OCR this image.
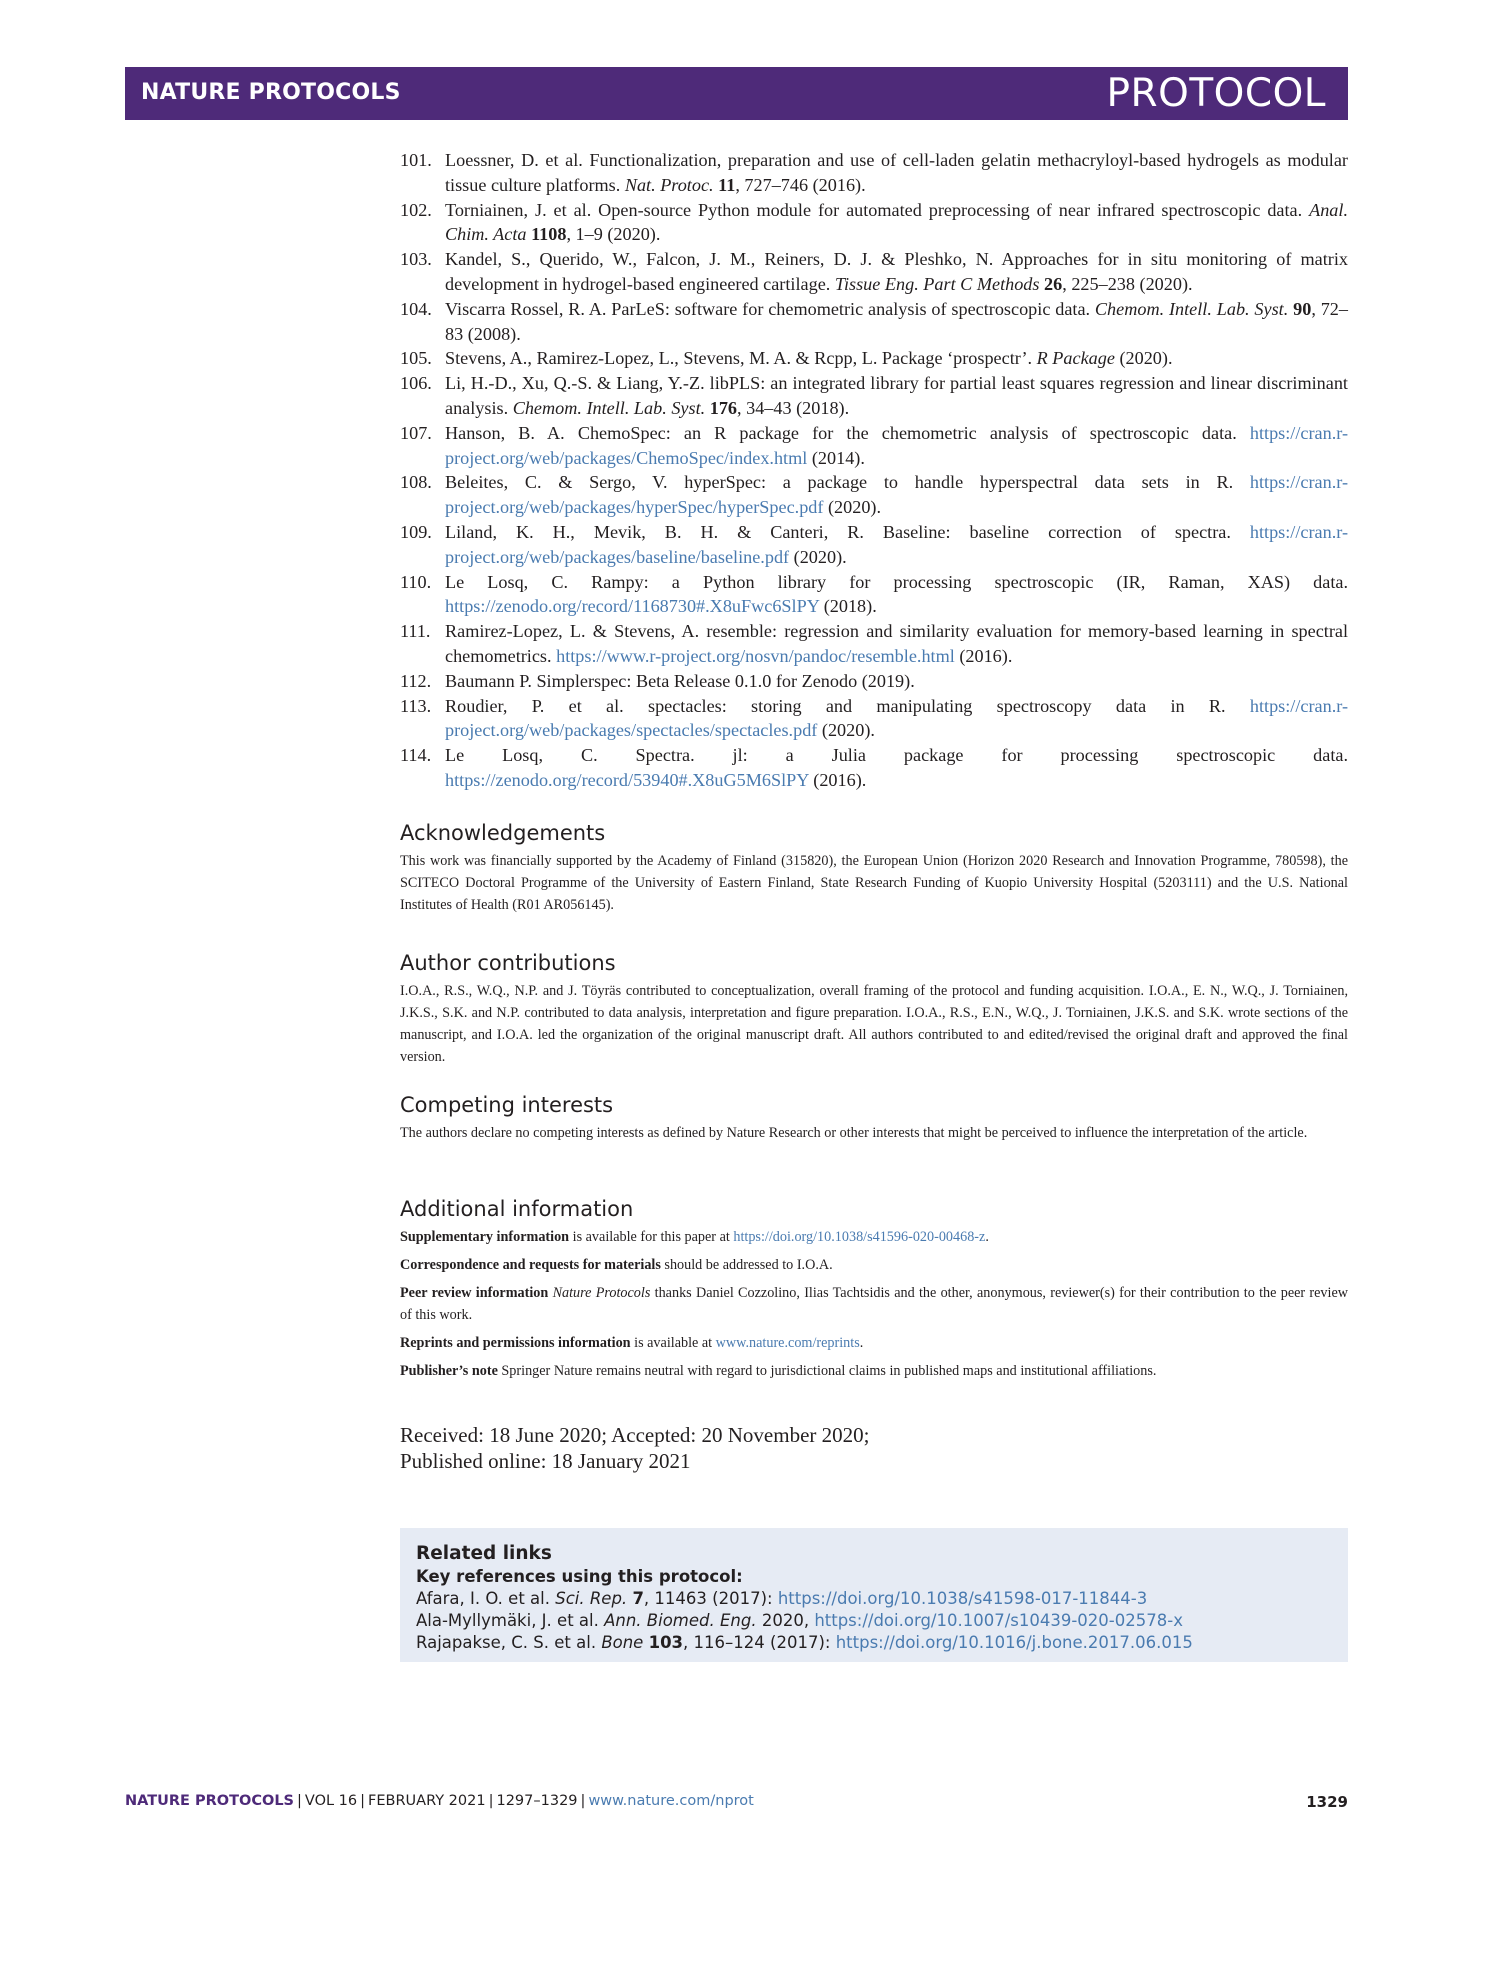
NATURE PROTOCOLS	PROTOCOL
101. Loessner, D. et al. Functionalization, preparation and use of cell-laden gelatin methacryloyl-based hydrogels as modular tissue culture platforms. Nat. Protoc. 11, 727–746 (2016).
102. Torniainen, J. et al. Open-source Python module for automated preprocessing of near infrared spectroscopic data. Anal. Chim. Acta 1108, 1–9 (2020).
103. Kandel, S., Querido, W., Falcon, J. M., Reiners, D. J. & Pleshko, N. Approaches for in situ monitoring of matrix development in hydrogel-based engineered cartilage. Tissue Eng. Part C Methods 26, 225–238 (2020).
104. Viscarra Rossel, R. A. ParLeS: software for chemometric analysis of spectroscopic data. Chemom. Intell. Lab. Syst. 90, 72–83 (2008).
105. Stevens, A., Ramirez-Lopez, L., Stevens, M. A. & Rcpp, L. Package ‘prospectr’. R Package (2020).
106. Li, H.-D., Xu, Q.-S. & Liang, Y.-Z. libPLS: an integrated library for partial least squares regression and linear discriminant analysis. Chemom. Intell. Lab. Syst. 176, 34–43 (2018).
107. Hanson, B. A. ChemoSpec: an R package for the chemometric analysis of spectroscopic data. https://cran.r-project.org/web/packages/ChemoSpec/index.html (2014).
108. Beleites, C. & Sergo, V. hyperSpec: a package to handle hyperspectral data sets in R. https://cran.r-project.org/web/packages/hyperSpec/hyperSpec.pdf (2020).
109. Liland, K. H., Mevik, B. H. & Canteri, R. Baseline: baseline correction of spectra. https://cran.r-project.org/web/packages/baseline/baseline.pdf (2020).
110. Le Losq, C. Rampy: a Python library for processing spectroscopic (IR, Raman, XAS) data. https://zenodo.org/record/1168730#.X8uFwc6SlPY (2018).
111. Ramirez-Lopez, L. & Stevens, A. resemble: regression and similarity evaluation for memory-based learning in spectral chemometrics. https://www.r-project.org/nosvn/pandoc/resemble.html (2016).
112. Baumann P. Simplerspec: Beta Release 0.1.0 for Zenodo (2019).
113. Roudier, P. et al. spectacles: storing and manipulating spectroscopy data in R. https://cran.r-project.org/web/packages/spectacles/spectacles.pdf (2020).
114. Le Losq, C. Spectra. jl: a Julia package for processing spectroscopic data. https://zenodo.org/record/53940#.X8uG5M6SlPY (2016).
Acknowledgements
This work was financially supported by the Academy of Finland (315820), the European Union (Horizon 2020 Research and Innovation Programme, 780598), the SCITECO Doctoral Programme of the University of Eastern Finland, State Research Funding of Kuopio University Hospital (5203111) and the U.S. National Institutes of Health (R01 AR056145).
Author contributions
I.O.A., R.S., W.Q., N.P. and J. Töyräs contributed to conceptualization, overall framing of the protocol and funding acquisition. I.O.A., E. N., W.Q., J. Torniainen, J.K.S., S.K. and N.P. contributed to data analysis, interpretation and figure preparation. I.O.A., R.S., E.N., W.Q., J. Torniainen, J.K.S. and S.K. wrote sections of the manuscript, and I.O.A. led the organization of the original manuscript draft. All authors contributed to and edited/revised the original draft and approved the final version.
Competing interests
The authors declare no competing interests as defined by Nature Research or other interests that might be perceived to influence the interpretation of the article.
Additional information

Supplementary information is available for this paper at https://doi.org/10.1038/s41596-020-00468-z.

Correspondence and requests for materials should be addressed to I.O.A.

Peer review information Nature Protocols thanks Daniel Cozzolino, Ilias Tachtsidis and the other, anonymous, reviewer(s) for their contribution to the peer review of this work.

Reprints and permissions information is available at www.nature.com/reprints.

Publisher’s note Springer Nature remains neutral with regard to jurisdictional claims in published maps and institutional affiliations.

Received: 18 June 2020; Accepted: 20 November 2020;
Published online: 18 January 2021
Related links
Key references using this protocol:
Afara, I. O. et al. Sci. Rep. 7, 11463 (2017): https://doi.org/10.1038/s41598-017-11844-3
Ala-Myllymäki, J. et al. Ann. Biomed. Eng. 2020, https://doi.org/10.1007/s10439-020-02578-x
Rajapakse, C. S. et al. Bone 103, 116–124 (2017): https://doi.org/10.1016/j.bone.2017.06.015
NATURE PROTOCOLS | VOL 16 | FEBRUARY 2021 | 1297–1329 | www.nature.com/nprot	1329
